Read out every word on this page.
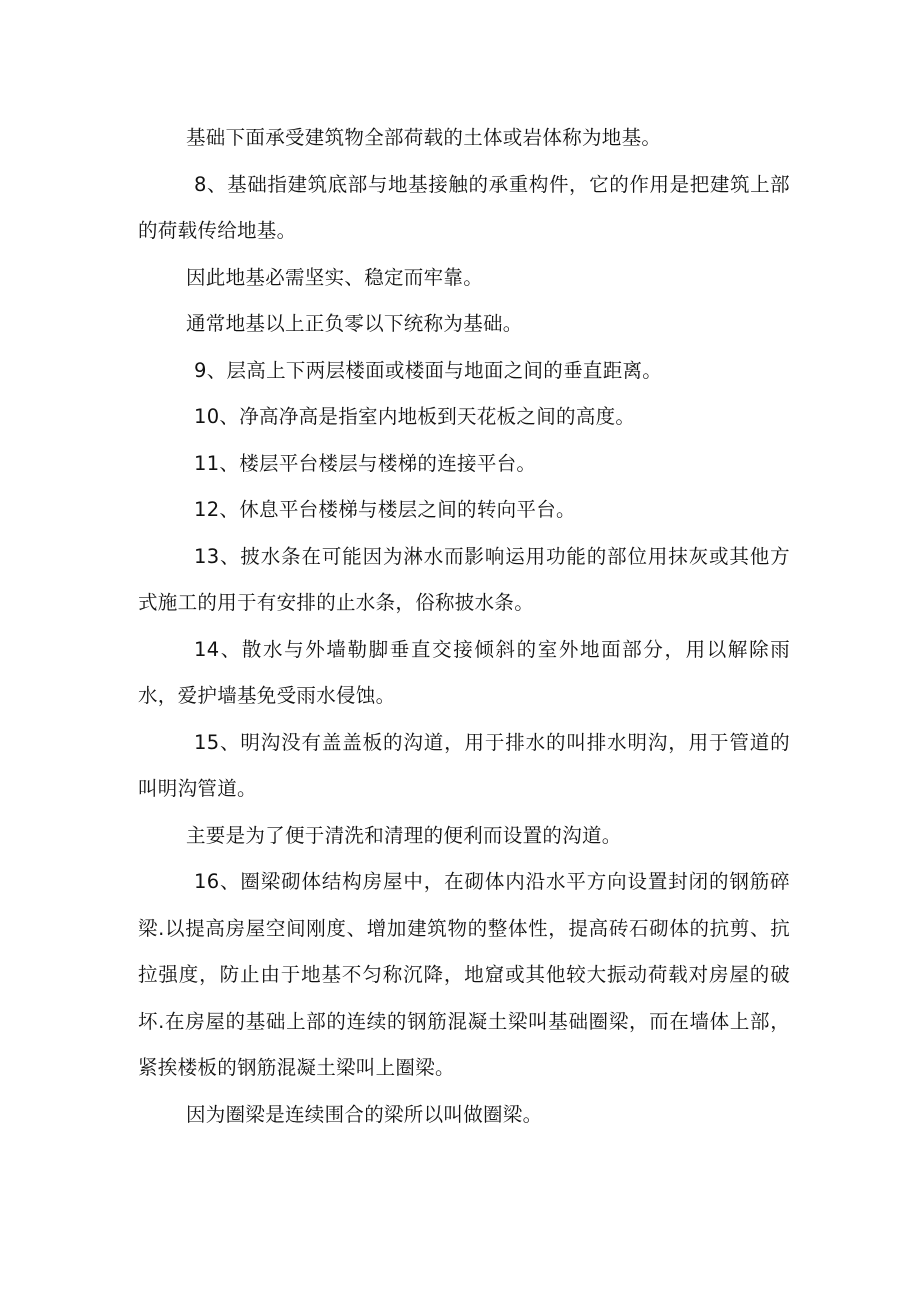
基础下面承受建筑物全部荷载的土体或岩体称为地基。

8、基础指建筑底部与地基接触的承重构件，它的作用是把建筑上部的荷载传给地基。

因此地基必需坚实、稳定而牢靠。

通常地基以上正负零以下统称为基础。

9、层高上下两层楼面或楼面与地面之间的垂直距离。

10、净高净高是指室内地板到天花板之间的高度。

11、楼层平台楼层与楼梯的连接平台。

12、休息平台楼梯与楼层之间的转向平台。

13、披水条在可能因为淋水而影响运用功能的部位用抹灰或其他方式施工的用于有安排的止水条，俗称披水条。

14、散水与外墙勒脚垂直交接倾斜的室外地面部分，用以解除雨水，爱护墙基免受雨水侵蚀。

15、明沟没有盖盖板的沟道，用于排水的叫排水明沟，用于管道的叫明沟管道。

主要是为了便于清洗和清理的便利而设置的沟道。

16、圈梁砌体结构房屋中，在砌体内沿水平方向设置封闭的钢筋碎梁.以提高房屋空间刚度、增加建筑物的整体性，提高砖石砌体的抗剪、抗拉强度，防止由于地基不匀称沉降，地窟或其他较大振动荷载对房屋的破坏.在房屋的基础上部的连续的钢筋混凝土梁叫基础圈梁，而在墙体上部，紧挨楼板的钢筋混凝土梁叫上圈梁。

因为圈梁是连续围合的梁所以叫做圈梁。
